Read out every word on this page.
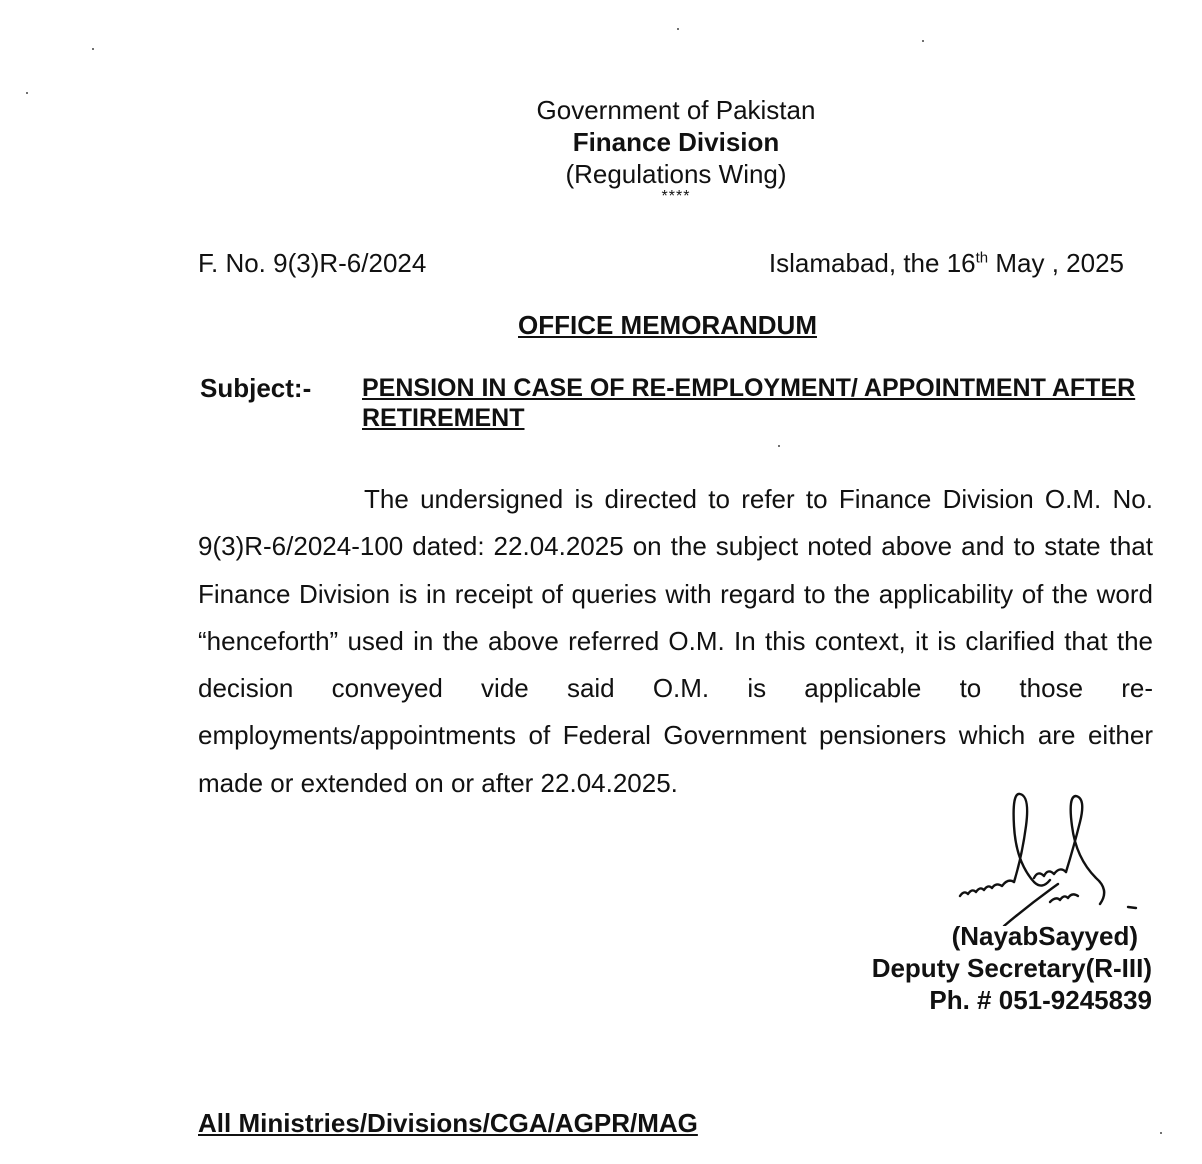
Government of Pakistan
Finance Division
(Regulations Wing)
****
F. No. 9(3)R-6/2024	Islamabad, the 16th May , 2025
OFFICE MEMORANDUM
Subject:- PENSION IN CASE OF RE-EMPLOYMENT/ APPOINTMENT AFTER RETIREMENT

The undersigned is directed to refer to Finance Division O.M. No. 9(3)R-6/2024-100 dated: 22.04.2025 on the subject noted above and to state that Finance Division is in receipt of queries with regard to the applicability of the word “henceforth” used in the above referred O.M. In this context, it is clarified that the decision conveyed vide said O.M. is applicable to those re-employments/appointments of Federal Government pensioners which are either made or extended on or after 22.04.2025.

(NayabSayyed)
Deputy Secretary(R-III)
Ph. # 051-9245839
All Ministries/Divisions/CGA/AGPR/MAG
